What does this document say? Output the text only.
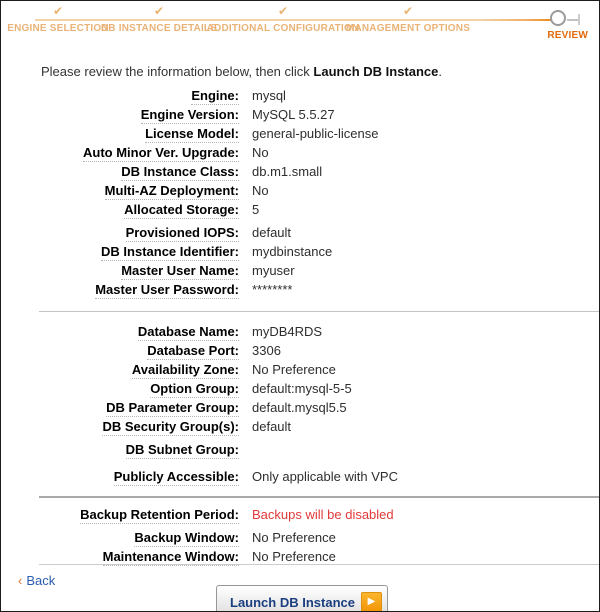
✔
ENGINE SELECTION
✔
DB INSTANCE DETAILS
✔
ADDITIONAL CONFIGURATION
✔
MANAGEMENT OPTIONS
REVIEW
Please review the information below, then click Launch DB Instance.
Engine: mysql
Engine Version: MySQL 5.5.27
License Model: general-public-license
Auto Minor Ver. Upgrade: No
DB Instance Class: db.m1.small
Multi-AZ Deployment: No
Allocated Storage: 5
Provisioned IOPS: default
DB Instance Identifier: mydbinstance
Master User Name: myuser
Master User Password: ********
Database Name: myDB4RDS
Database Port: 3306
Availability Zone: No Preference
Option Group: default:mysql-5-5
DB Parameter Group: default.mysql5.5
DB Security Group(s): default
DB Subnet Group:
Publicly Accessible: Only applicable with VPC
Backup Retention Period: Backups will be disabled
Backup Window: No Preference
Maintenance Window: No Preference
‹ Back
Launch DB Instance ▶
